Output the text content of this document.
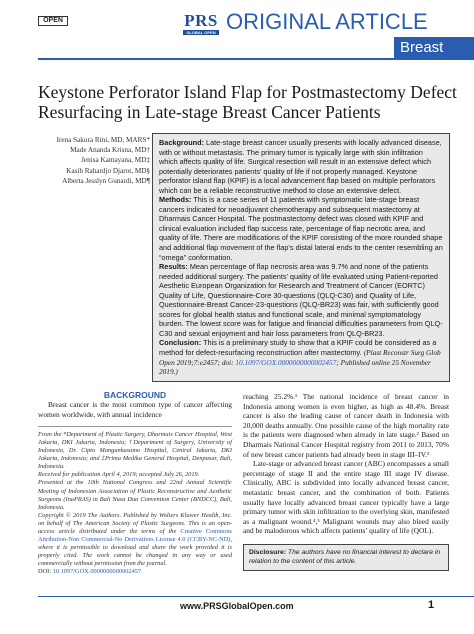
OPEN	PRS
GLOBAL OPEN ORIGINAL ARTICLE
Breast
Keystone Perforator Island Flap for Postmastectomy Defect Resurfacing in Late-stage Breast Cancer Patients
Irena Sakura Rini, MD, MARS*
Made Ananda Krisna, MD†
Jenisa Kamayana, MD‡
Kasih Rahardjo Djarot, MD§
Alberta Jesslyn Gunardi, MD¶

Background: Late-stage breast cancer usually presents with locally advanced disease, with or without metastasis. The primary tumor is typically large with skin infiltration which affects quality of life. Surgical resection will result in an extensive defect which potentially deteriorates patients’ quality of life if not properly managed. Keystone perforator island flap (KPIF) is a local advancement flap based on multiple perforators which can be a reliable reconstructive method to close an extensive defect.

Methods: This is a case series of 11 patients with symptomatic late-stage breast cancers indicated for neoadjuvant chemotherapy and subsequent mastectomy at Dharmais Cancer Hospital. The postmastectomy defect was closed with KPIF and clinical evaluation included flap success rate, percentage of flap necrotic area, and quality of life. There are modifications of the KPIF consisting of the more rounded shape and additional flap movement of the flap’s distal lateral ends to the center resembling an “omega” conformation.

Results: Mean percentage of flap necrosis area was 9.7% and none of the patients needed additional surgery. The patients’ quality of life evaluated using Patient-reported Aesthetic European Organization for Research and Treatment of Cancer (EORTC) Quality of Life, Questionnaire-Core 30-questions (QLQ-C30) and Quality of Life, Questionnaire-Breast Cancer-23-questions (QLQ-BR23) was fair, with sufficiently good scores for global health status and functional scale, and minimal symptomatology burden. The lowest score was for fatigue and financial difficulties parameters from QLQ-C30 and sexual enjoyment and hair loss parameters from QLQ-BR23.

Conclusion: This is a preliminary study to show that a KPIF could be considered as a method for defect-resurfacing reconstruction after mastectomy. (Plast Reconstr Surg Glob Open 2019;7:e2457; doi: 10.1097/GOX.0000000000002457; Published online 25 November 2019.)

BACKGROUND

Breast cancer is the most common type of cancer affecting women worldwide, with annual incidence

From the *Department of Plastic Surgery, Dharmais Cancer Hospital, West Jakarta, DKI Jakarta, Indonesia; †Department of Surgery, University of Indonesia, Dr. Cipto Mangunkusumo Hospital, Central Jakarta, DKI Jakarta, Indonesia; and ‡Prima Medika General Hospital, Denpasar, Bali, Indonesia.

Received for publication April 4, 2019; accepted July 26, 2019.

Presented at the 10th National Congress and 22nd Annual Scientific Meeting of Indonesian Association of Plastic Reconstructive and Aesthetic Surgeons (InaPRAS) in Bali Nusa Dua Convention Center (BNDCC), Bali, Indonesia.

Copyright © 2019 The Authors. Published by Wolters Kluwer Health, Inc. on behalf of The American Society of Plastic Surgeons. This is an open-access article distributed under the terms of the Creative Commons Attribution-Non Commercial-No Derivatives License 4.0 (CCBY-NC-ND), where it is permissible to download and share the work provided it is properly cited. The work cannot be changed in any way or used commercially without permission from the journal.

DOI: 10.1097/GOX.0000000000002457

reaching 25.2%.¹ The national incidence of breast cancer in Indonesia among women is even higher, as high as 48.4%. Breast cancer is also the leading cause of cancer death in Indonesia with 20,000 deaths annually. One possible cause of the high mortality rate is the patients were diagnosed when already in late stage.² Based on Dharmais National Cancer Hospital registry from 2011 to 2013, 70% of new breast cancer patients had already been in stage III–IV.³

Late-stage or advanced breast cancer (ABC) encompasses a small percentage of stage II and the entire stage III stage IV disease. Clinically, ABC is subdivided into locally advanced breast cancer, metastatic breast cancer, and the combination of both. Patients usually have locally advanced breast cancer typically have a large primary tumor with skin infiltration to the overlying skin, manifested as a malignant wound.⁴,⁵ Malignant wounds may also bleed easily and be malodorous which affects patients’ quality of life (QOL).

Disclosure: The authors have no financial interest to declare in relation to the content of this article.
www.PRSGlobalOpen.com	1
